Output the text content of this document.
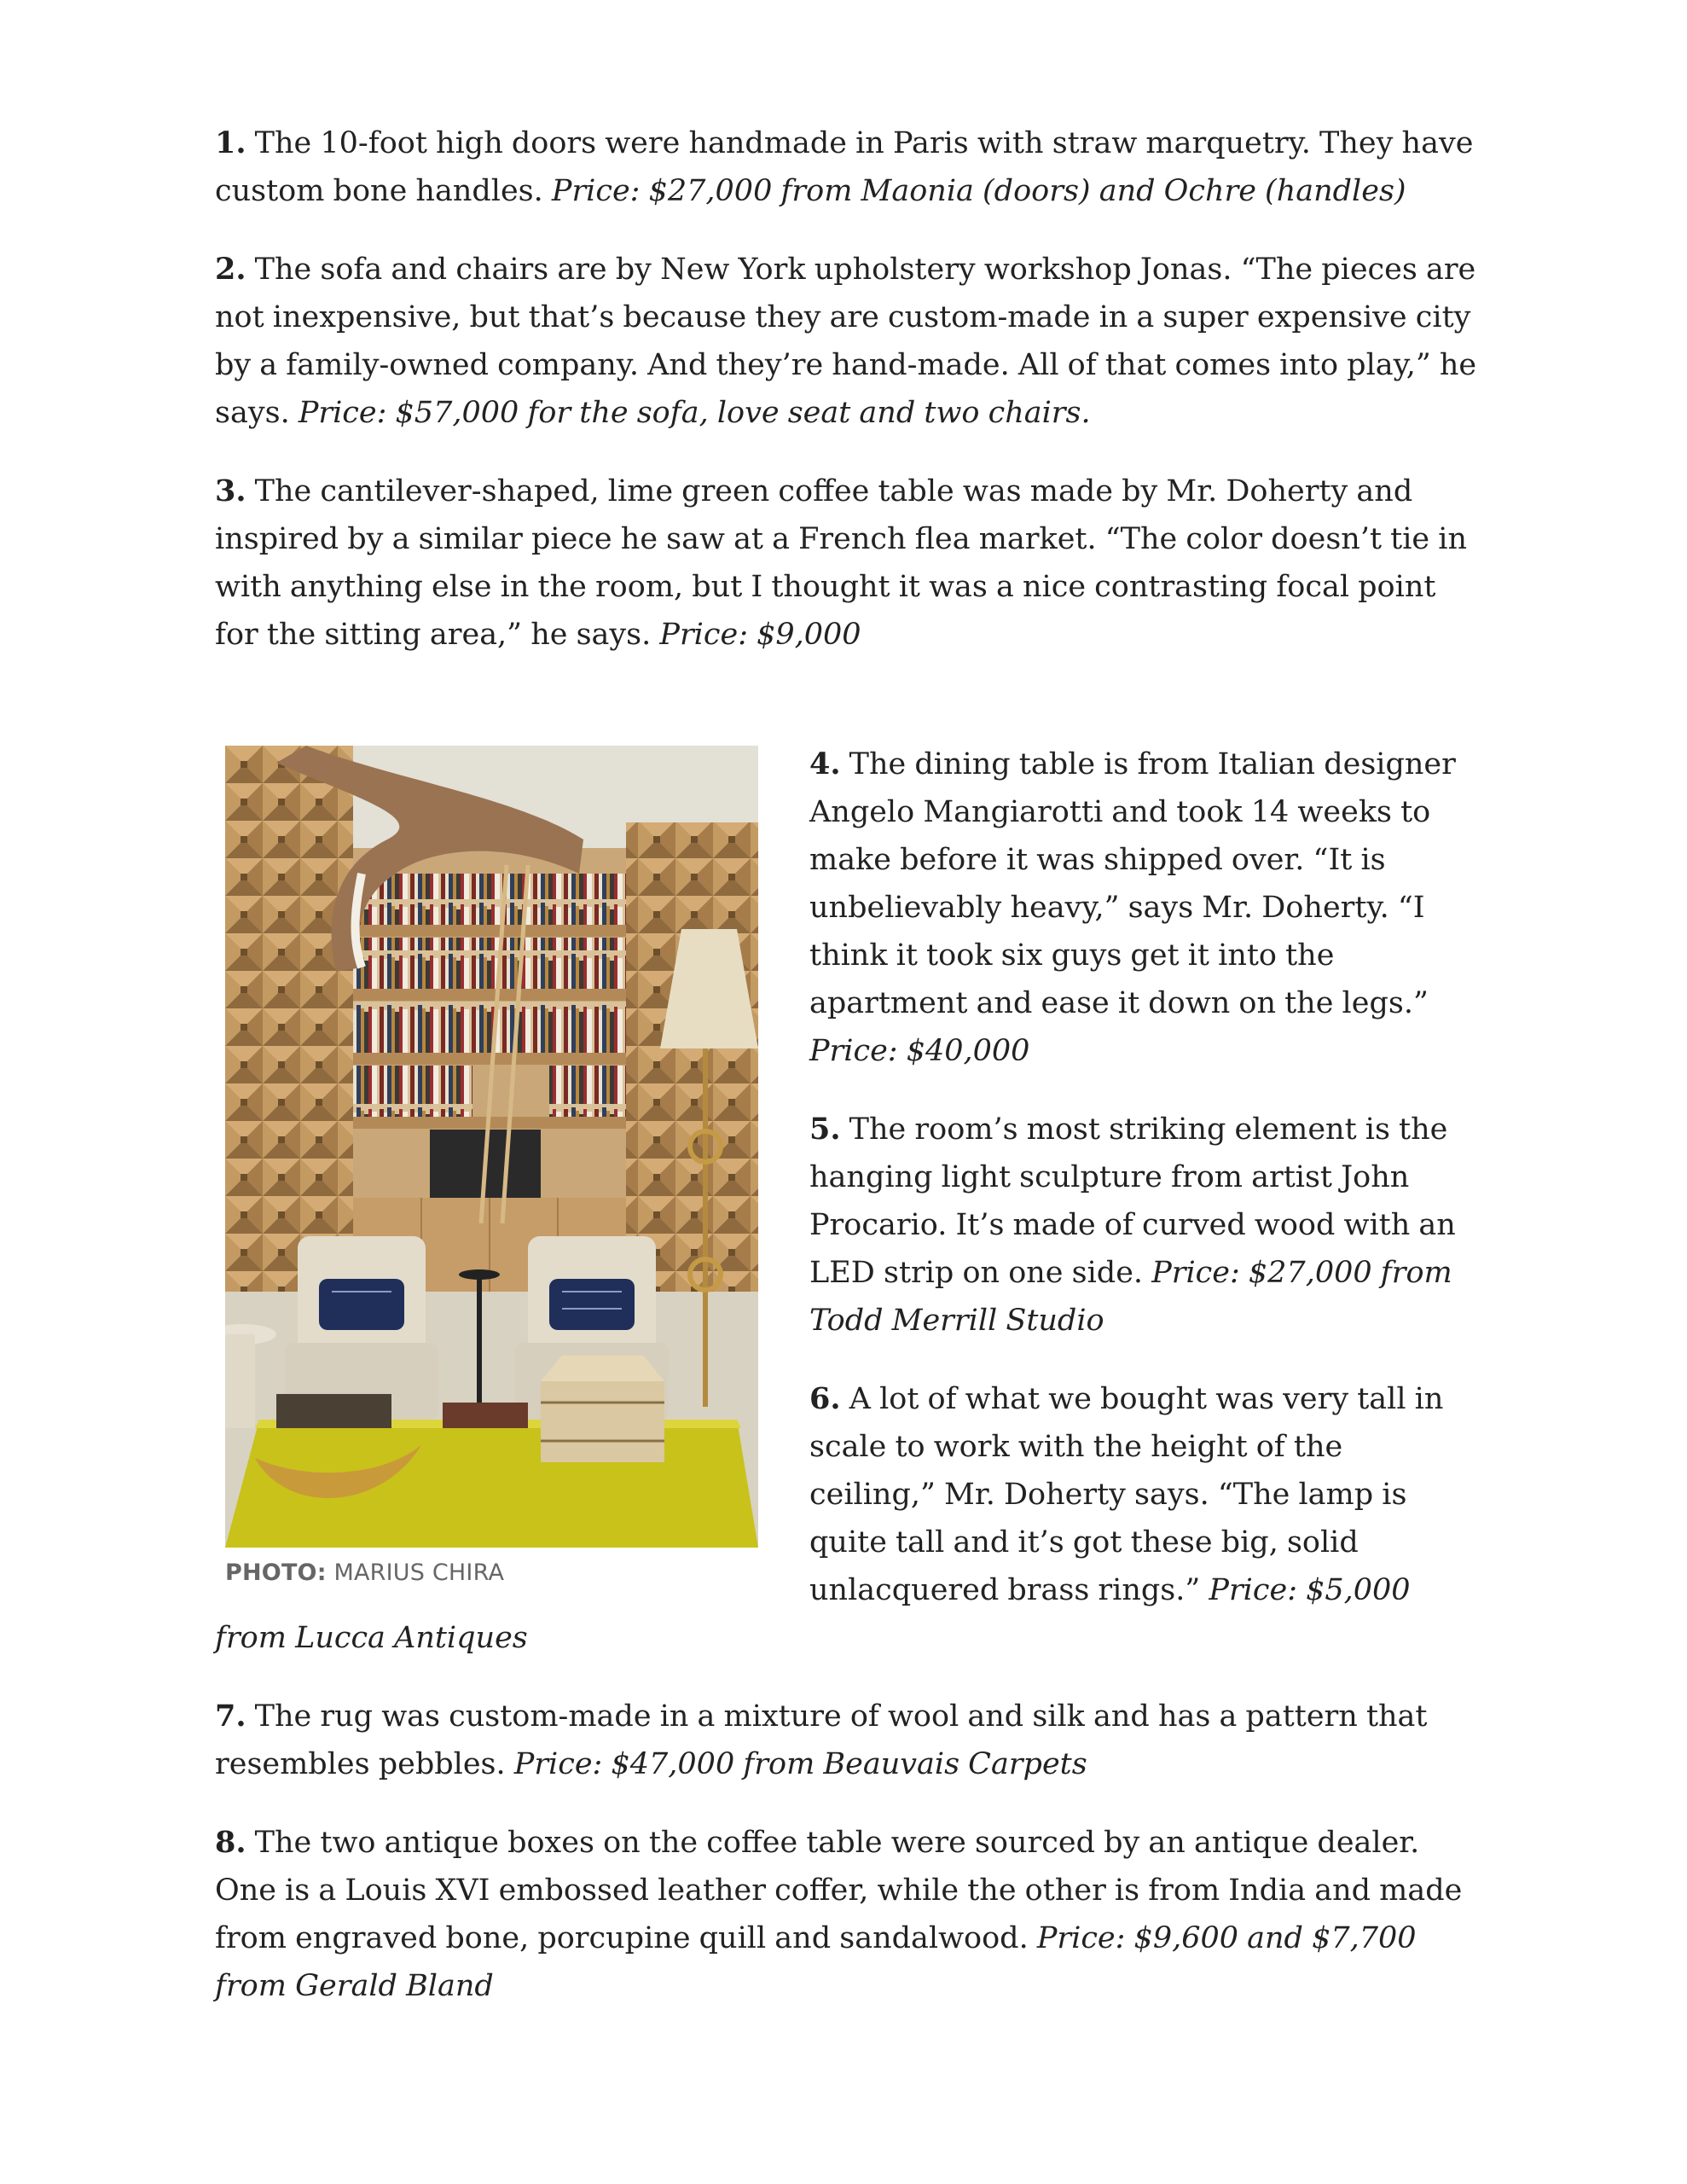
1. The 10-foot high doors were handmade in Paris with straw marquetry. They have custom bone handles. Price: $27,000 from Maonia (doors) and Ochre (handles)

2. The sofa and chairs are by New York upholstery workshop Jonas. “The pieces are not inexpensive, but that’s because they are custom-made in a super expensive city by a family-owned company. And they’re hand-made. All of that comes into play,” he says. Price: $57,000 for the sofa, love seat and two chairs.

3. The cantilever-shaped, lime green coffee table was made by Mr. Doherty and inspired by a similar piece he saw at a French flea market. “The color doesn’t tie in with anything else in the room, but I thought it was a nice contrasting focal point for the sitting area,” he says. Price: $9,000

PHOTO: MARIUS CHIRA

4. The dining table is from Italian designer Angelo Mangiarotti and took 14 weeks to make before it was shipped over. “It is unbelievably heavy,” says Mr. Doherty. “I think it took six guys get it into the apartment and ease it down on the legs.” Price: $40,000

5. The room’s most striking element is the hanging light sculpture from artist John Procario. It’s made of curved wood with an LED strip on one side. Price: $27,000 from Todd Merrill Studio

6. A lot of what we bought was very tall in scale to work with the height of the ceiling,” Mr. Doherty says. “The lamp is quite tall and it’s got these big, solid unlacquered brass rings.” Price: $5,000 from Lucca Antiques

7. The rug was custom-made in a mixture of wool and silk and has a pattern that resembles pebbles. Price: $47,000 from Beauvais Carpets

8. The two antique boxes on the coffee table were sourced by an antique dealer. One is a Louis XVI embossed leather coffer, while the other is from India and made from engraved bone, porcupine quill and sandalwood. Price: $9,600 and $7,700 from Gerald Bland
